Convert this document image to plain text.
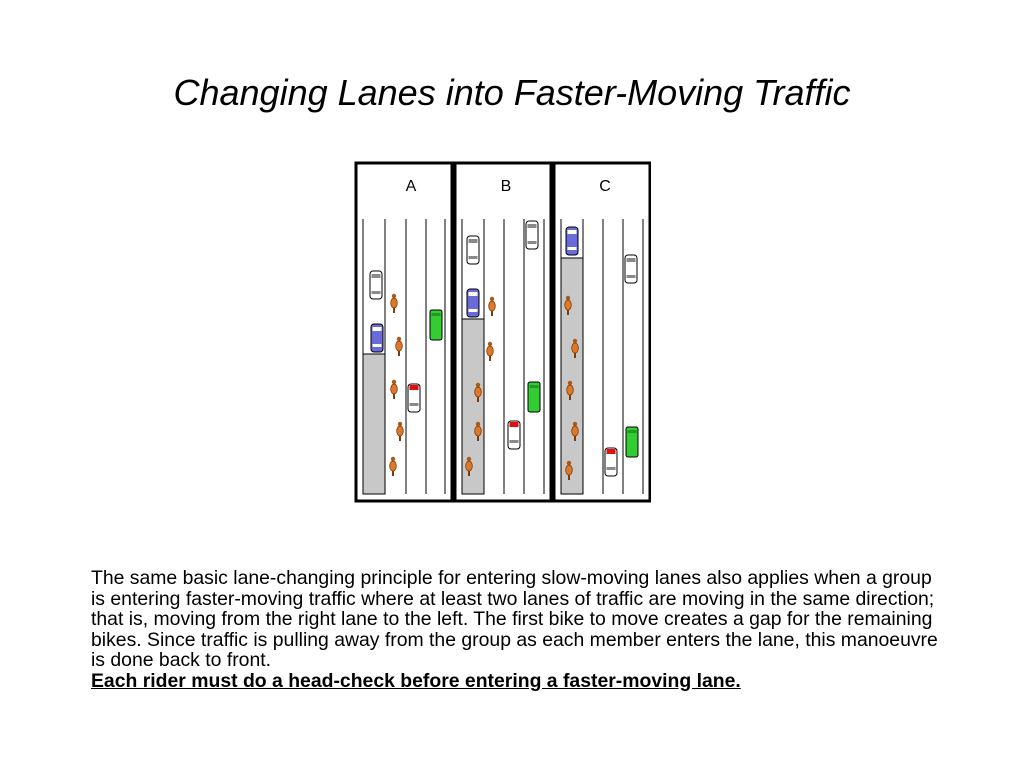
Changing Lanes into Faster-Moving Traffic
A	B	C
The same basic lane-changing principle for entering slow-moving lanes also applies when a group is entering faster-moving traffic where at least two lanes of traffic are moving in the same direction; that is, moving from the right lane to the left. The first bike to move creates a gap for the remaining bikes. Since traffic is pulling away from the group as each member enters the lane, this manoeuvre is done back to front.
Each rider must do a head-check before entering a faster-moving lane.
